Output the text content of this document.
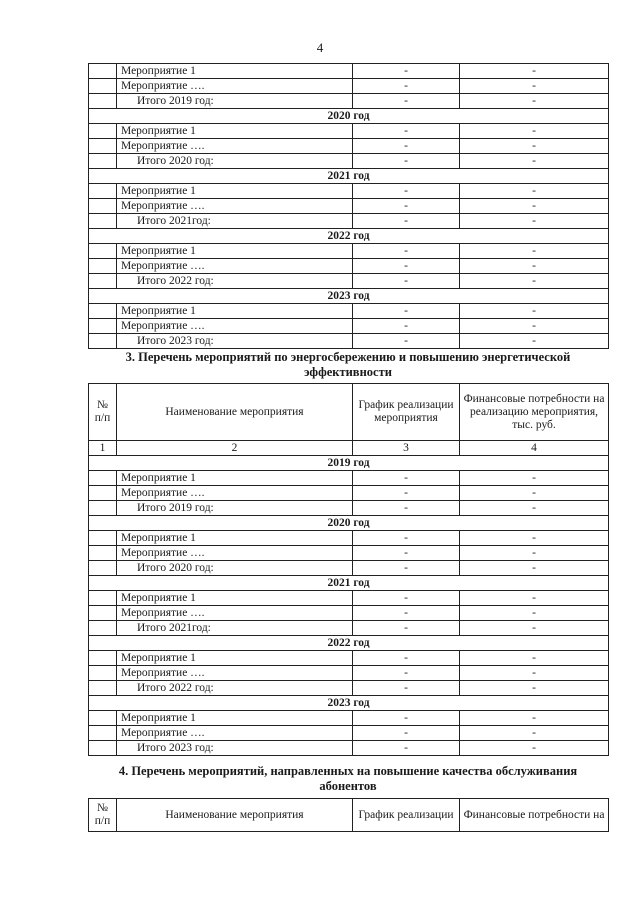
4
	Мероприятие 1	-	-
	Мероприятие ….	-	-
	Итого 2019 год:	-	-
2020 год			
	Мероприятие 1	-	-
	Мероприятие ….	-	-
	Итого 2020 год:	-	-
2021 год			
	Мероприятие 1	-	-
	Мероприятие ….	-	-
	Итого 2021год:	-	-
2022 год			
	Мероприятие 1	-	-
	Мероприятие ….	-	-
	Итого 2022 год:	-	-
2023 год			
	Мероприятие 1	-	-
	Мероприятие ….	-	-
	Итого 2023 год:	-	-
3. Перечень мероприятий по энергосбережению и повышению энергетической
эффективности
№ п/п	Наименование мероприятия	График реализации мероприятия	Финансовые потребности на реализацию мероприятия, тыс. руб.
1	2	3	4
2019 год			
	Мероприятие 1	-	-
	Мероприятие ….	-	-
	Итого 2019 год:	-	-
2020 год			
	Мероприятие 1	-	-
	Мероприятие ….	-	-
	Итого 2020 год:	-	-
2021 год			
	Мероприятие 1	-	-
	Мероприятие ….	-	-
	Итого 2021год:	-	-
2022 год			
	Мероприятие 1	-	-
	Мероприятие ….	-	-
	Итого 2022 год:	-	-
2023 год			
	Мероприятие 1	-	-
	Мероприятие ….	-	-
	Итого 2023 год:	-	-
4. Перечень мероприятий, направленных на повышение качества обслуживания
абонентов
№ п/п	Наименование мероприятия	График реализации	Финансовые потребности на
